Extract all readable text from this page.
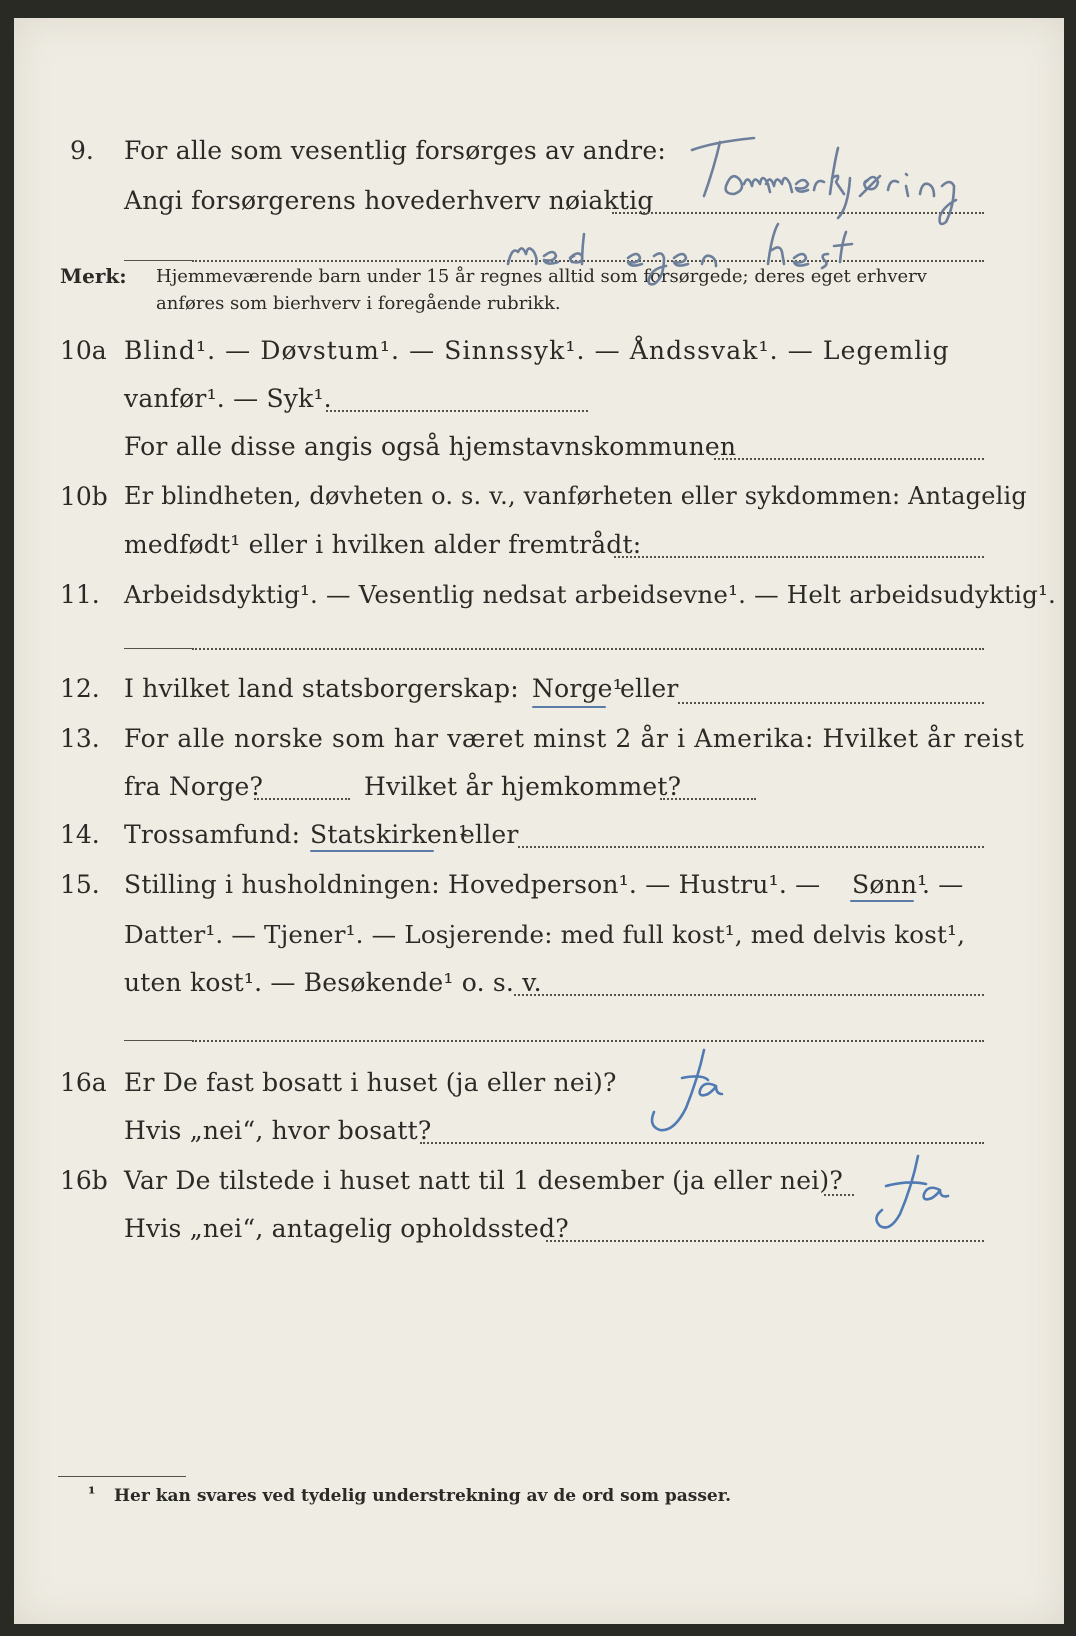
9. For alle som vesentlig forsørges av andre:
Angi forsørgerens hovederhverv nøiaktig
Merk: Hjemmeværende barn under 15 år regnes alltid som forsørgede; deres eget erhverv
anføres som bierhverv i foregående rubrikk.
10a Blind¹. — Døvstum¹. — Sinnssyk¹. — Åndssvak¹. — Legemlig
vanfør¹. — Syk¹.
For alle disse angis også hjemstavnskommunen
10b Er blindheten, døvheten o. s. v., vanførheten eller sykdommen: Antagelig
medfødt¹ eller i hvilken alder fremtrådt:
11. Arbeidsdyktig¹. — Vesentlig nedsat arbeidsevne¹. — Helt arbeidsudyktig¹.
12. I hvilket land statsborgerskap: Norge¹
eller
13. For alle norske som har været minst 2 år i Amerika: Hvilket år reist
fra Norge?	Hvilket år hjemkommet?
14. Trossamfund: Statskirken¹
eller
15. Stilling i husholdningen: Hovedperson¹. — Hustru¹. — Sønn¹
. —
Datter¹. — Tjener¹. — Losjerende: med full kost¹, med delvis kost¹,
uten kost¹. — Besøkende¹ o. s. v.
16a Er De fast bosatt i huset (ja eller nei)?
Hvis „nei“, hvor bosatt?
16b Var De tilstede i huset natt til 1 desember (ja eller nei)?
Hvis „nei“, antagelig opholdssted?
¹ Her kan svares ved tydelig understrekning av de ord som passer.
